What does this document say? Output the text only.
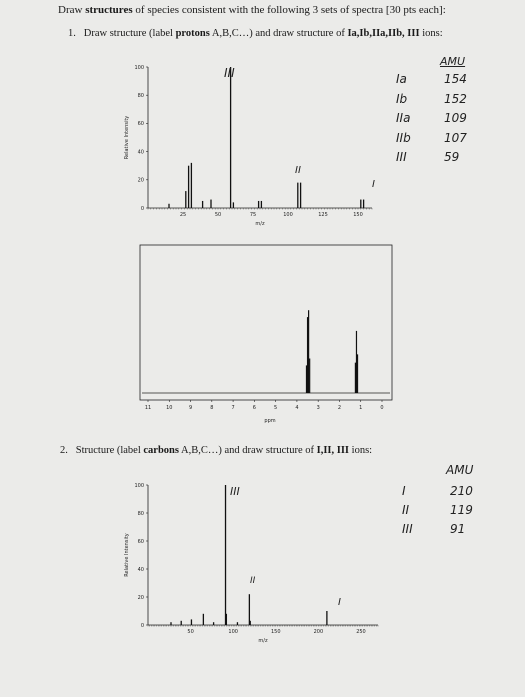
Draw structures of species consistent with the following 3 sets of spectra [30 pts each]:
1. Draw structure (label protons A,B,C…) and draw structure of Ia,Ib,IIa,IIb, III ions:
25	50	75	100	125	150
0
20
40
60
80
100
m/z
Relative Intensity
III
II
I
AMU
Ia	154
Ib	152
IIa	109
IIb	107
III	59
11	10	9	8	7	6	5	4	3	2	1	0
ppm
2. Structure (label carbons A,B,C…) and draw structure of I,II, III ions:
50	100	150	200	250
0
20
40
60
80
100
m/z
Relative Intensity
III
II
I
AMU
I	210
II	119
III	91
